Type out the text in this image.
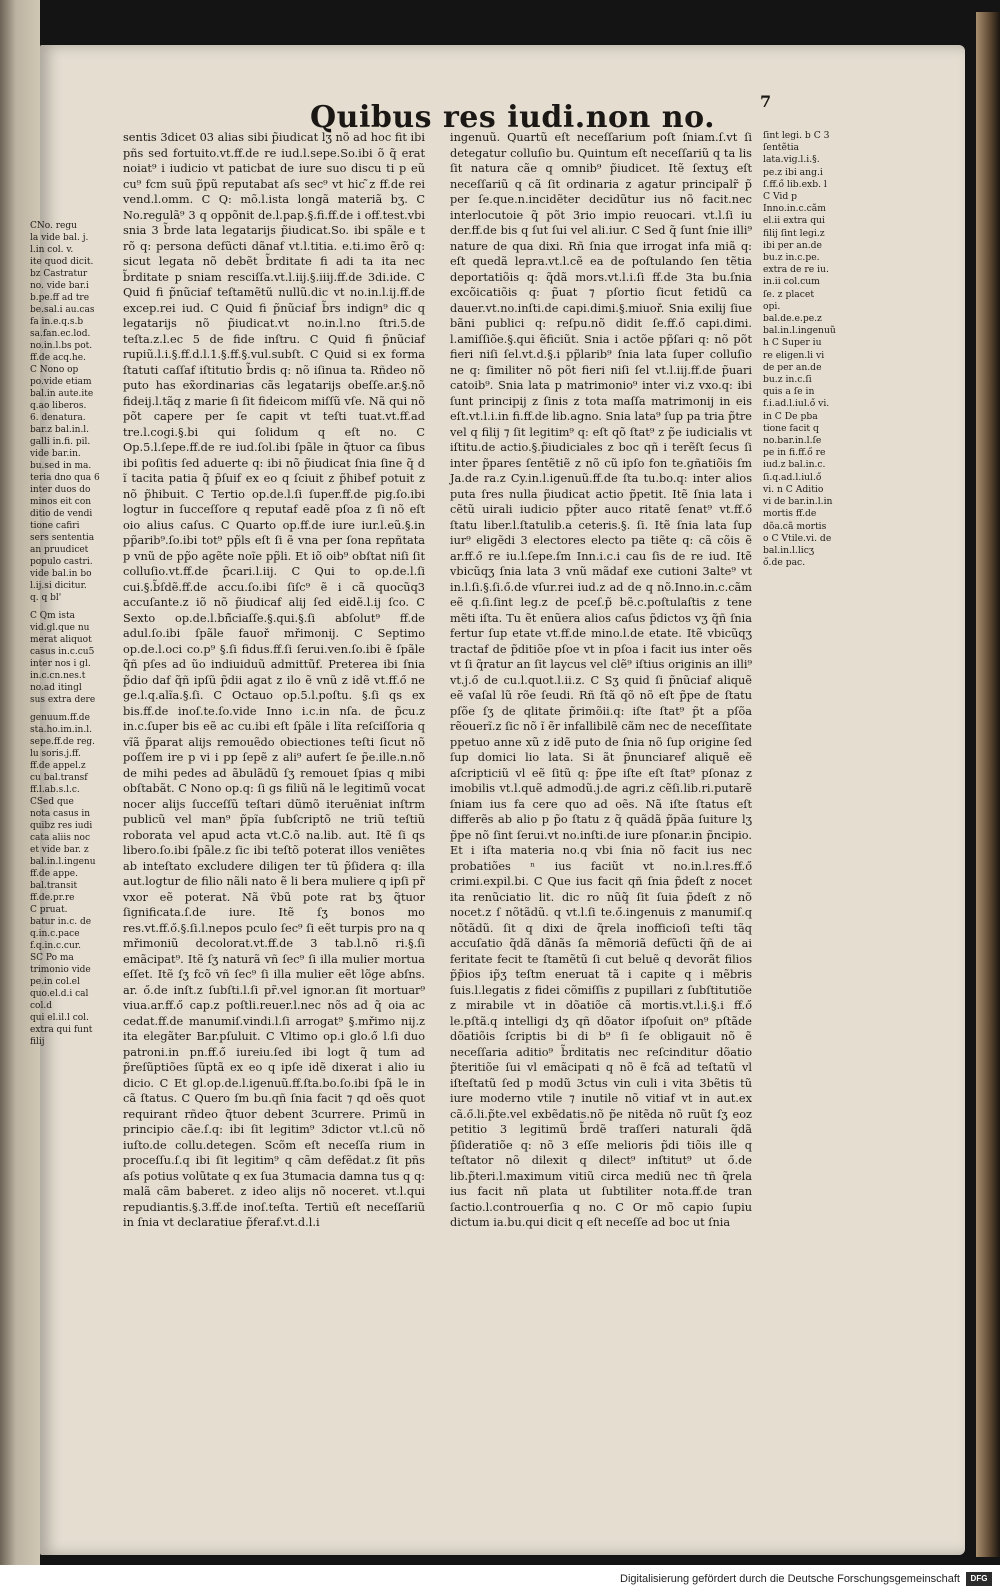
CNo. regu
la vide bal. j.
l.in col. v.
ite quod dicit.
bz Castratur
no. vide bar.i
b.pe.ff ad tre
be.sal.i au.cas
fa in.e.q.s.b
sa.fan.ec.lod.
no.in.l.bs pot.
ff.de acq.he.
C Nono op
po.vide etiam
bal.in aute.ite
q.ao liberos.
6. denatura.
bar.z bal.in.l.
galli in.fi. pil.
vide bar.in.
bu.sed in ma.
teria dno qua 6
inter duos do
minos eit con
ditio de vendi
tione cafiri
sers sententia
an pruudicet
populo castri.
vide bal.in bo
l.ij.si dicitur.
q. q bl'
C Qm ista
vid.gl.que nu
merat aliquot
casus in.c.cu5
inter nos i gl.
in.c.cn.nes.t
no.ad itingl
sus extra dere
genuum.ff.de
sta.ho.im.in.l.
sepe.ff.de reg.
lu soris.j.ff.
ff.de appel.z
cu bal.transf
ff.l.ab.s.l.c.
CSed que
nota casus in
quibz res iudi
cata aliis noc
et vide bar. z
bal.in.l.ingenu
ff.de appe.
bal.transit
ff.de.pr.re
C pruat.
batur in.c. de
q.in.c.pace
f.q.in.c.cur.
SC Po ma
trimonio vide
pe.in col.el
quo.el.d.i cal
col.d
qui el.il.l col.
extra qui funt
filij
Quibus res iudi.non no.	7

sentis 3dicet 03 alias sibi p̃iudicat lʒ nõ ad hoc fit ibi pñs sed fortuito.vt.ff.de re iud.l.sepe.So.ibi õ q̃ erat noiat⁹ i iudicio vt paticbat de iure suo discu ti p eũ cu⁹ fcm suũ p̃pũ reputabat aſs sec⁹ vt hic ̃z ff.de rei vend.l.omm. C Q: mõ.l.ista longã materiã bʒ. C No.regulã⁹ 3 q oppõnit de.l.pap.§.fi.ff.de i off.test.vbi snia 3 b̃rde lata legatarijs p̃iudicat.So. ibi spãle e t rõ q: persona defũcti dãnaf vt.l.titia. e.ti.imo ẽrõ q: sicut legata nõ debẽt b̃rditate fi adi ta ita nec b̃rditate p sniam resciſſa.vt.l.iij.§.iiij.ff.de 3di.ide. C Quid fi p̃nũciaf teſtamẽtũ nullũ.dic vt no.in.l.ij.ff.de excep.rei iud. C Quid fi p̃nũciaf b̃rs indign⁹ dic q legatarijs nõ p̃iudicat.vt no.in.l.no ſtri.5.de teſta.z.l.ec 5 de fide inſtru. C Quid fi p̃nũciaf rupiũ.l.i.§.ff.d.l.1.§.ff.§.vul.subſt. C Quid si ex forma ſtatuti caſſaf iſtitutio b̃rdis q: nõ iſinua ta. Rñdeo nõ puto has ex̃ordinarias cãs legatarijs obeſſe.ar.§.nõ fideij.l.tãq z marie ſi ſit fideicom miſſũ vſe. Nã qui nõ põt capere per ſe capit vt teſti tuat.vt.ff.ad tre.l.cogi.§.bi qui ſolidum q eſt no. C Op.5.l.ſepe.ff.de re iud.ſol.ibi ſpãle in q̃tuor ca ſibus ibi poſitis ſed aduerte q: ibi nõ p̃iudicat ſnia ſine q̃ d ĩ tacita patia q̃ p̃ſuif ex eo q ſciuit z p̃hibef potuit z nõ p̃hibuit. C Tertio op.de.l.ſi ſuper.ff.de pig.ſo.ibi logtur in ſucceſſore q reputaf eadẽ pſoa z ſi nõ eſt oio alius caſus. C Quarto op.ff.de iure iur.l.eũ.§.in pp̃arib⁹.ſo.ibi tot⁹ pp̃ls eſt ſi ẽ vna per ſona repñtata p vnũ de pp̃o agẽte noĩe pp̃li. Et iõ oib⁹ obſtat niſi ſit colluſio.vt.ff.de p̃cari.l.iij. C Qui to op.de.l.ſi cui.§.b̃ſdẽ.ff.de accu.ſo.ibi ſiſc⁹ ẽ i cã quocũq3 accuſante.z iõ nõ p̃iudicaf alij ſed eidẽ.l.ij ſco. C Sexto op.de.l.bñ̃ciaſſe.§.qui.§.ſi abſolut⁹ ff.de adul.ſo.ibi ſpãle fauoř mřimonij. C Septimo op.de.l.oci co.p⁹ §.ſi fidus.ff.ſi ſerui.ven.ſo.ibi ẽ ſpãle q̃ñ pſes ad ũo indiuiduũ admittũf. Preterea ibi ſnia p̃dio daf q̃ñ ipſũ p̃dii agat z ilo ẽ vnũ z idẽ vt.ff.ő ne ge.l.q.alĩa.§.ſi. C Octauo op.5.l.poſtu. §.ſi qs ex bis.ff.de inoſ.te.ſo.vide Inno i.c.in nſa. de p̃cu.z in.c.ſuper bis eẽ ac cu.ibi eſt ſpãle i lĩta reſciſſoria q vĩã p̃parat alijs remouẽdo obiectiones teſti ſicut nõ poſſem ire p vi i pp ſepẽ z ali⁹ aufert ſe p̃e.ille.n.nõ de mihi pedes ad ãbulãdũ ſʒ remouet ſpias q mibi obſtabãt. C Nono op.q: ſi gs filiũ nã le legitimũ vocat nocer alijs ſucceſſũ teſtari dũmõ iteruẽniat inſtrm publicũ vel man⁹ p̃pĩa ſubſcriptõ ne triũ teſtiũ roborata vel apud acta vt.C.õ na.lib. aut. Itẽ ſi qs libero.ſo.ibi ſpãle.z ſic ibi teſtõ poterat illos veniẽtes ab inteſtato excludere diligen ter tũ p̃ſidera q: illa aut.logtur de filio nãli nato ẽ li bera muliere q ipſi pr̃ vxor eẽ poterat. Nã ṽbũ pote rat bʒ q̃tuor ſignificata.ſ.de iure. Itẽ ſʒ bonos mo res.vt.ff.ő.§.ſi.l.nepos pculo ſec⁹ ſi eẽt turpis pro na q mřimoniũ decolorat.vt.ff.de 3 tab.l.nõ ri.§.ſi emãcipat⁹. Itẽ ſʒ naturã vñ ſec⁹ ſi illa mulier mortua eſſet. Itẽ ſʒ fcõ vñ ſec⁹ ſi illa mulier eẽt lõge abſns. ar. ő.de inſt.z ſubſti.l.ſi pr̃.vel ignor.an ſit mortuar⁹ viua.ar.ff.ő cap.z poſtli.reuer.l.nec nõs ad q̃ oia ac cedat.ff.de manumiſ.vindi.l.ſi arrogat⁹ §.mřimo nij.z ita elegãter Bar.pſuluit. C Vltimo op.i glo.ő l.ſi duo patroni.in pn.ff.ő iureiu.ſed ibi logt q̃ tum ad p̃reſũptiões ſũptã ex eo q ipſe idẽ dixerat i alio iu dicio. C Et gl.op.de.l.igenuũ.ff.ſta.bo.ſo.ibi ſpã le in cã ſtatus. C Quero ſm bu.qñ ſnia facit ⁊ qd oẽs quot requirant rñdeo q̃tuor debent 3currere. Primũ in principio cãe.ſ.q: ibi ſit legitim⁹ 3dictor vt.l.cũ nõ iuſto.de collu.detegen. Scõm eſt neceſſa rium in proceſſu.ſ.q ibi ſit legitim⁹ q cãm defẽdat.z ſit pñs aſs potius volũtate q ex ſua 3tumacia damna tus q q: malã cãm baberet. z ideo alijs nõ noceret. vt.l.qui repudiantis.§.3.ff.de inoſ.teſta. Tertiũ eſt neceſſariũ in ſnia vt declaratiue p̃feraf.vt.d.l.i

ingenuũ. Quartũ eſt neceſſarium poſt ſniam.ſ.vt ſi detegatur colluſio bu. Quintum eſt neceſſariũ q ta lis ſit natura cãe q omnib⁹ p̃iudicet. Itẽ ſextuʒ eſt neceſſariũ q cã ſit ordinaria z agatur principalr̃ p̃ per ſe.que.n.incidẽter decidũtur ius nõ facit.nec interlocutoie q̃ põt 3rio impio reuocari. vt.l.ſi iu der.ff.de bis q ſut ſui vel ali.iur. C Sed q̃ ſunt ſnie illi⁹ nature de qua dixi. Rñ ſnia que irrogat infa miã q: eſt quedã lepra.vt.l.cẽ ea de poſtulando ſen tẽtia deportatiõis q: q̃dã mors.vt.l.i.ſi ff.de 3ta bu.ſnia excõicatiõis q: p̃uat ⁊ pſortio ſicut fetidũ ca dauer.vt.no.inſti.de capi.dimi.§.miuoř. Snia exilij ſiue bãni publici q: reſpu.nõ didit ſe.ff.ő capi.dimi. l.amiſſiõe.§.qui ẽficiũt. Snia i actõe pp̃ſari q: nõ põt fieri niſi ſel.vt.d.§.i pp̃larib⁹ ſnia lata ſuper colluſio ne q: ſimiliter nõ põt fieri niſi ſel vt.l.iij.ff.de p̃uari catoib⁹. Snia lata p matrimonio⁹ inter vi.z vxo.q: ibi ſunt principij z ſinis z tota maſſa matrimonij in eis eſt.vt.l.i.in fi.ff.de lib.agno. Snia lata⁹ ſup pa tria p̃tre vel q filij ⁊ ſit legitim⁹ q: eſt qõ ſtat⁹ z p̃e iudicialis vt iſtitu.de actio.§.p̃iudiciales z boc qñ i terẽſt ſecus ſi inter p̃pares ſentẽtiẽ z nõ cũ ipſo fon te.gñatiõis ſm Ja.de ra.z Cy.in.l.igenuũ.ff.de ſta tu.bo.q: inter alios puta ſres nulla p̃iudicat actio p̃petit. Itẽ ſnia lata i cẽtũ uirali iudicio pp̃ter auco ritatẽ ſenat⁹ vt.ff.ő ſtatu liber.l.ſtatulib.a ceteris.§. ſi. Itẽ ſnia lata ſup iur⁹ eligẽdi 3 electores electo pa tiẽte q: cã cõis ẽ ar.ff.ő re iu.l.ſepe.ſm Inn.i.c.i cau ſis de re iud. Itẽ vbicũqʒ ſnia lata 3 vnũ mãdaf exe cutioni 3alte⁹ vt in.l.ſi.§.ſi.ő.de vſur.rei iud.z ad de q nõ.Inno.in.c.cãm eẽ q.ſi.ſint leg.z de pceſ.p̃ bẽ.c.poſtulaſtis z tene mẽti iſta. Tu ẽt enũera alios caſus p̃dictos vʒ q̃ñ ſnia fertur ſup etate vt.ff.de mino.l.de etate. Itẽ vbicũqʒ tractaf de p̃ditiõe pſoe vt in pſoa i facit ius inter oẽs vt ſi q̃ratur an ſit laycus vel clẽ⁹ iſtius originis an illi⁹ vt.j.ő de cu.l.quot.l.ii.z. C Sʒ quid ſi p̃nũciaf aliquẽ eẽ vaſal lũ rõe ſeudi. Rñ ſtã qõ nõ eſt p̃pe de ſtatu pſõe ſʒ de qlitate p̃rimõii.q: iſte ſtat⁹ p̃t a pſõa rẽouerĩ.z ſic nõ ĩ ẽr infallibilẽ cãm nec de neceſſitate ppetuo anne xũ z idẽ puto de ſnia nõ ſup origine ſed ſup domici lio lata. Si ãt p̃nunciaref aliquẽ eẽ aſcripticiũ vl eẽ ſitũ q: p̃pe iſte eſt ſtat⁹ pſonaz z imobilis vt.l.quẽ admodũ.j.de agri.z cẽſi.lib.ri.putarẽ ſniam ius fa cere quo ad oẽs. Nã iſte ſtatus eſt differẽs ab alio p p̃o ſtatu z q̃ quãdã p̃pãa ſuiture lʒ p̃pe nõ ſint ſerui.vt no.inſti.de iure pſonar.in p̃ncipio. Et i iſta materia no.q vbi ſnia nõ facit ius nec probatiões ⁿ ius faciũt vt no.in.l.res.ff.ő crimi.expil.bi. C Que ius facit qñ ſnia p̃deſt z nocet ita renũciatio lit. dic ro nũq̃ ſit ſuia p̃deſt z nõ nocet.z ſ nõtãdũ. q vt.l.ſi te.ő.ingenuis z manumiſ.q nõtãdũ. ſit q dixi de q̃rela inofficioſi teſti tãq accuſatio q̃dã dãnãs ſa mẽmoriã defũcti q̃ñ de ai feritate fecit te ſtamẽtũ ſi cut beluẽ q devorãt filios p̃p̃ios ip̃ʒ teſtm eneruat tã i capite q i mẽbris ſuis.l.legatis z fidei cõmiſſis z pupillari z ſubſtitutiõe z mirabile vt in dõatiõe cã mortis.vt.l.i.§.i ff.ő le.pſtã.q intelligi dʒ qñ dõator iſpoſuit on⁹ pſtãde dõatiõis ſcriptis bi di b⁹ ſi ſe obligauit nõ ẽ neceſſaria aditio⁹ b̃rditatis nec reſcinditur dõatio p̃teritiõe ſui vl emãcipati q nõ ẽ fcã ad teſtatũ vl iſteſtatũ ſed p modũ 3ctus vin culi i vita 3bẽtis tũ iure moderno vtile ⁊ inutile nõ vitiaf vt in aut.ex cã.ő.li.p̃te.vel exbẽdatis.nõ p̃e nitẽda nõ ruũt ſʒ eoz petitio 3 legitimũ b̃rdẽ traſſeri naturali q̃dã p̃ſideratiõe q: nõ 3 eſſe melioris p̃di tiõis ille q teſtator nõ dilexit q dilect⁹ inſtitut⁹ ut ő.de lib.p̃teri.l.maximum vitiũ circa mediũ nec tñ q̃rela ius facit nñ plata ut ſubtiliter nota.ff.de tran ſactio.l.controuerſia q no. C Or mõ capio ſupiu dictum ia.bu.qui dicit q eſt neceſſe ad boc ut ſnia

ſint legi. b C 3 ſentẽtia lata.vig.l.i.§. pe.z ibi ang.i ſ.ff.ő lib.exb. l C Vid p Inno.in.c.cãm el.ii extra qui filij ſint legi.z ibi per an.de bu.z in.c.pe. extra de re iu. in.ii col.cum ſe. z placet opi. bal.de.e.pe.z bal.in.l.ingenuũ h C Super iu re eligen.li vi de per an.de bu.z in.c.ſi quis a ſe in f.i.ad.l.iul.ő vi. in C De pba tione facit q no.bar.in.l.ſe pe in fi.ff.ő re iud.z bal.in.c. ſi.q.ad.l.iul.ő vi. n C Aditio vi de bar.in.l.in mortis ff.de dõa.cã mortis o C Vtile.vi. de bal.in.l.licʒ ő.de pac.

Digitalisierung gefördert durch die Deutsche Forschungsgemeinschaft	DFG
